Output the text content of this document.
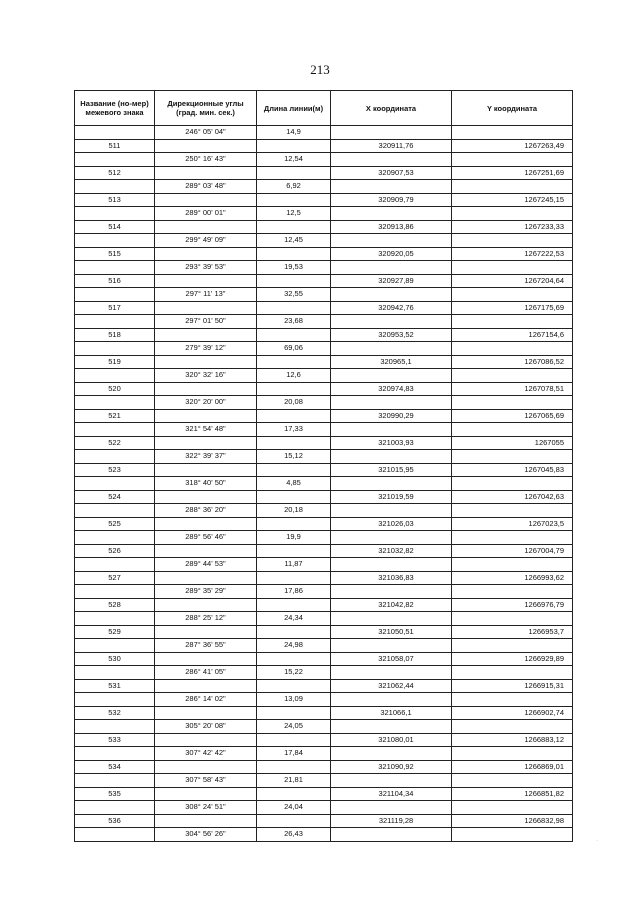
213
Название (но-мер) межевого знака	Дирекционные углы (град. мин. сек.)	Длина линии(м)	X координата	Y координата
	246° 05' 04"	14,9		
511			320911,76	1267263,49
	250° 16' 43"	12,54		
512			320907,53	1267251,69
	289° 03' 48"	6,92		
513			320909,79	1267245,15
	289° 00' 01"	12,5		
514			320913,86	1267233,33
	299° 49' 09"	12,45		
515			320920,05	1267222,53
	293° 39' 53"	19,53		
516			320927,89	1267204,64
	297° 11' 13"	32,55		
517			320942,76	1267175,69
	297° 01' 50"	23,68		
518			320953,52	1267154,6
	279° 39' 12"	69,06		
519			320965,1	1267086,52
	320° 32' 16"	12,6		
520			320974,83	1267078,51
	320° 20' 00"	20,08		
521			320990,29	1267065,69
	321° 54' 48"	17,33		
522			321003,93	1267055
	322° 39' 37"	15,12		
523			321015,95	1267045,83
	318° 40' 50"	4,85		
524			321019,59	1267042,63
	288° 36' 20"	20,18		
525			321026,03	1267023,5
	289° 56' 46"	19,9		
526			321032,82	1267004,79
	289° 44' 53"	11,87		
527			321036,83	1266993,62
	289° 35' 29"	17,86		
528			321042,82	1266976,79
	288° 25' 12"	24,34		
529			321050,51	1266953,7
	287° 36' 55"	24,98		
530			321058,07	1266929,89
	286° 41' 05"	15,22		
531			321062,44	1266915,31
	286° 14' 02"	13,09		
532			321066,1	1266902,74
	305° 20' 08"	24,05		
533			321080,01	1266883,12
	307° 42' 42"	17,84		
534			321090,92	1266869,01
	307° 58' 43"	21,81		
535			321104,34	1266851,82
	308° 24' 51"	24,04		
536			321119,28	1266832,98
	304° 56' 26"	26,43		
·
